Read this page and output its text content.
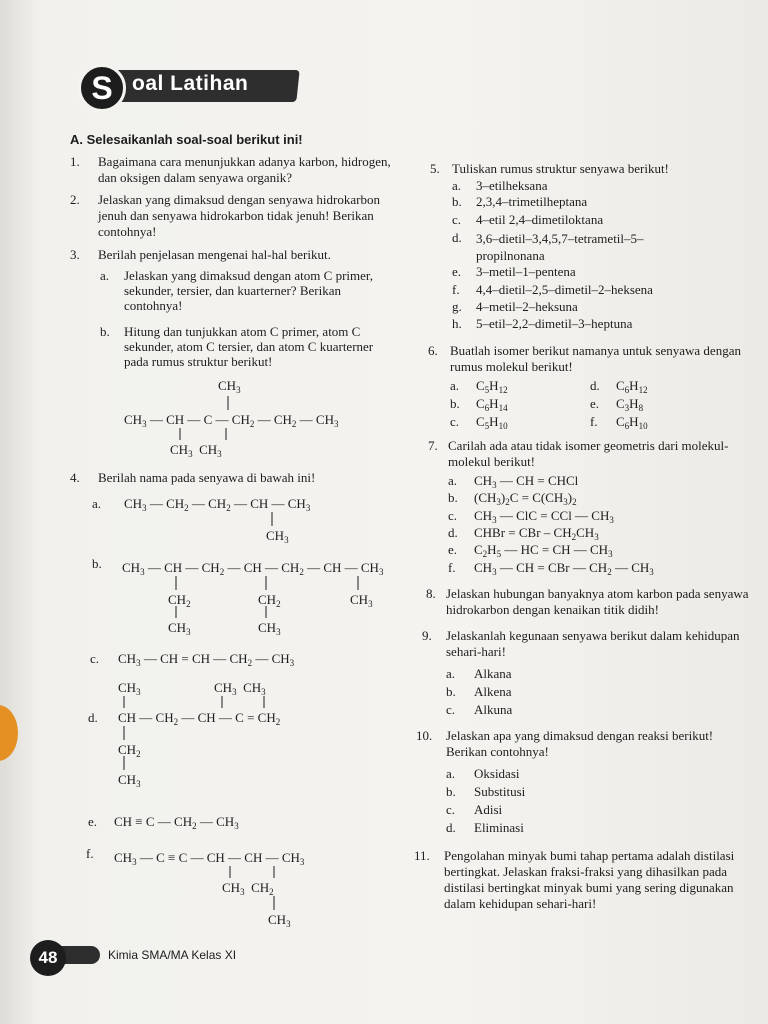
S oal Latihan
A. Selesaikanlah soal-soal berikut ini!
1. Bagaimana cara menunjukkan adanya karbon, hidrogen, dan oksigen dalam senyawa organik?
2. Jelaskan yang dimaksud dengan senyawa hidrokarbon jenuh dan senyawa hidrokarbon tidak jenuh! Berikan contohnya!
3. Berilah penjelasan mengenai hal-hal berikut.
a. Jelaskan yang dimaksud dengan atom C primer, sekunder, tersier, dan kuarterner? Berikan contohnya!
b. Hitung dan tunjukkan atom C primer, atom C sekunder, atom C tersier, dan atom C kuarterner pada rumus struktur berikut!
$CH_3$
$CH_3$ — CH — C — $CH_2$ — $CH_2$ — $CH_3$
$CH_3$  $CH_3$
4. Berilah nama pada senyawa di bawah ini!
a. $CH_3$ — $CH_2$ — $CH_2$ — CH — $CH_3$
$CH_3$
b. $CH_3$ — CH — $CH_2$ — CH — $CH_2$ — CH — $CH_3$
$CH_2$	$CH_2$	$CH_3$
$CH_3$	$CH_3$
c. $CH_3$ — CH = CH — $CH_2$ — $CH_3$
d.
$CH_3$	$CH_3$  $CH_3$
CH — $CH_2$ — CH — $C = CH_2$
$CH_2$
$CH_3$
e. CH ≡ C — $CH_2$ — $CH_3$
f. $CH_3$ — C ≡ C — CH — CH — $CH_3$
$CH_3$  $CH_2$
$CH_3$
5. Tuliskan rumus struktur senyawa berikut!
a. 3–etilheksana
b. 2,3,4–trimetilheptana
c. 4–etil 2,4–dimetiloktana
d. 3,6–dietil–3,4,5,7–tetrametil–5–propilnonana
e. 3–metil–1–pentena
f. 4,4–dietil–2,5–dimetil–2–heksena
g. 4–metil–2–heksuna
h. 5–etil–2,2–dimetil–3–heptuna
6. Buatlah isomer berikut namanya untuk senyawa dengan rumus molekul berikut!
a. $C_5H_{12}$
b. $C_6H_{14}$
c. $C_5H_{10}$
d. $C_6H_{12}$
e. $C_3H_8$
f. $C_6H_{10}$
7. Carilah ada atau tidak isomer geometris dari molekul-molekul berikut!
a. $CH_3$ — CH = CHCl
b. $(CH_3)_2C = C(CH_3)_2$
c. $CH_3$ — ClC = CCl — $CH_3$
d. CHBr = CBr – $CH_2CH_3$
e. $C_2H_5$ — HC = CH — $CH_3$
f. $CH_3$ — CH = CBr — $CH_2$ — $CH_3$
8. Jelaskan hubungan banyaknya atom karbon pada senyawa hidrokarbon dengan kenaikan titik didih!
9. Jelaskanlah kegunaan senyawa berikut dalam kehidupan sehari-hari!
a. Alkana
b. Alkena
c. Alkuna
10. Jelaskan apa yang dimaksud dengan reaksi berikut! Berikan contohnya!
a. Oksidasi
b. Substitusi
c. Adisi
d. Eliminasi
11. Pengolahan minyak bumi tahap pertama adalah distilasi bertingkat. Jelaskan fraksi-fraksi yang dihasilkan pada distilasi bertingkat minyak bumi yang sering digunakan dalam kehidupan sehari-hari!
48	Kimia SMA/MA Kelas XI
